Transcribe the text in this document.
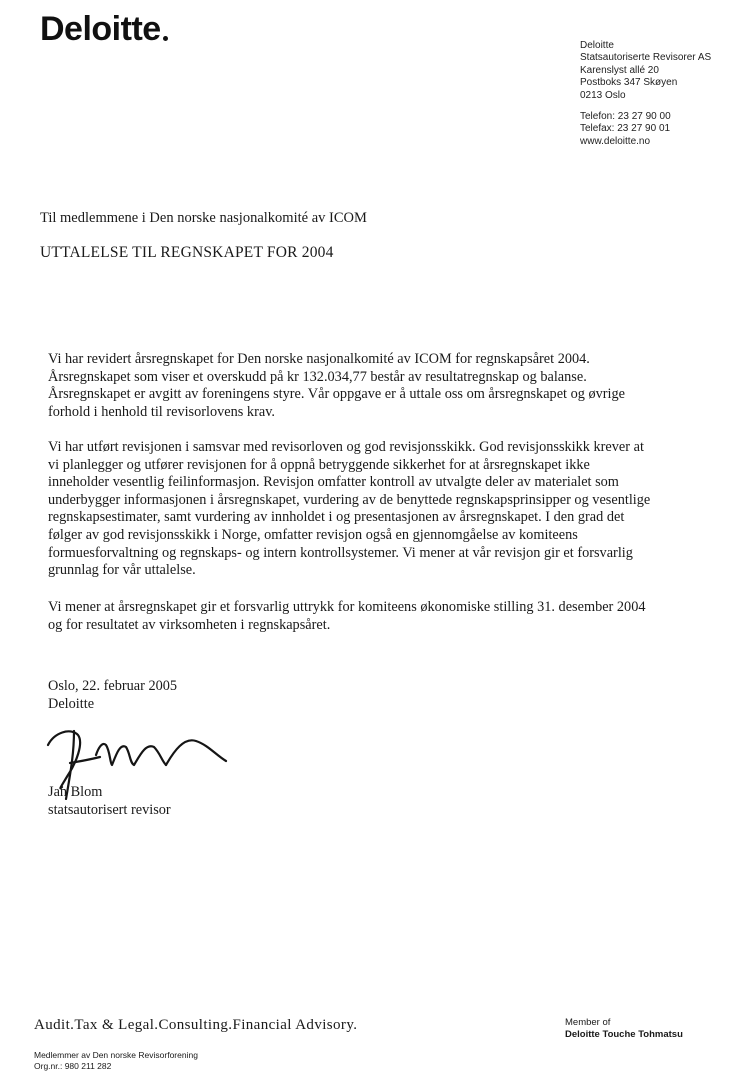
Deloitte	Deloitte
Statsautoriserte Revisorer AS
Karenslyst allé 20
Postboks 347 Skøyen
0213 Oslo
Telefon: 23 27 90 00
Telefax: 23 27 90 01
www.deloitte.no
Til medlemmene i Den norske nasjonalkomité av ICOM
UTTALELSE TIL REGNSKAPET FOR 2004
Vi har revidert årsregnskapet for Den norske nasjonalkomité av ICOM for regnskapsåret 2004.
Årsregnskapet som viser et overskudd på kr 132.034,77 består av resultatregnskap og balanse.
Årsregnskapet er avgitt av foreningens styre. Vår oppgave er å uttale oss om årsregnskapet og øvrige
forhold i henhold til revisorlovens krav.
Vi har utført revisjonen i samsvar med revisorloven og god revisjonsskikk. God revisjonsskikk krever at
vi planlegger og utfører revisjonen for å oppnå betryggende sikkerhet for at årsregnskapet ikke
inneholder vesentlig feilinformasjon. Revisjon omfatter kontroll av utvalgte deler av materialet som
underbygger informasjonen i årsregnskapet, vurdering av de benyttede regnskapsprinsipper og vesentlige
regnskapsestimater, samt vurdering av innholdet i og presentasjonen av årsregnskapet. I den grad det
følger av god revisjonsskikk i Norge, omfatter revisjon også en gjennomgåelse av komiteens
formuesforvaltning og regnskaps- og intern kontrollsystemer. Vi mener at vår revisjon gir et forsvarlig
grunnlag for vår uttalelse.
Vi mener at årsregnskapet gir et forsvarlig uttrykk for komiteens økonomiske stilling 31. desember 2004
og for resultatet av virksomheten i regnskapsåret.
Oslo, 22. februar 2005
Deloitte
Jan Blom
statsautorisert revisor
Audit.Tax & Legal.Consulting.Financial Advisory.	Member of
Deloitte Touche Tohmatsu
Medlemmer av Den norske Revisorforening
Org.nr.: 980 211 282
